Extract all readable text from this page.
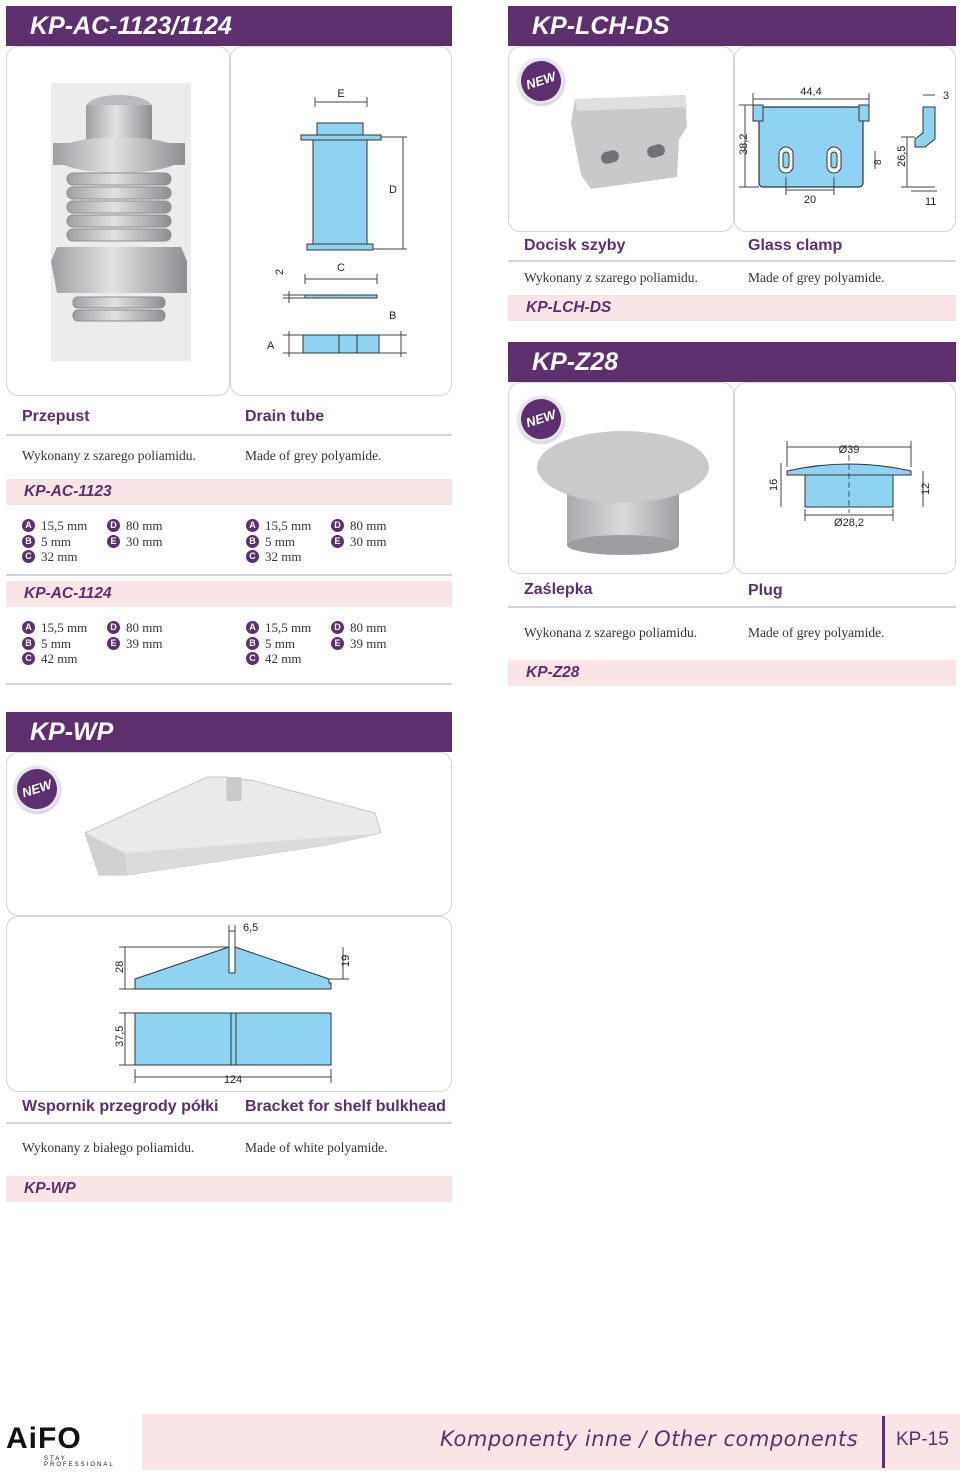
KP-AC-1123/1124
E
D
C
2
B
A
Przepust	Drain tube
Wykonany z szarego poliamidu.	Made of grey polyamide.
KP-AC-1123
A 15,5 mm	D 80 mm
B 5 mm	E 30 mm
C 32 mm
A 15,5 mm	D 80 mm
B 5 mm	E 30 mm
C 32 mm
KP-AC-1124
A 15,5 mm	D 80 mm
B 5 mm	E 39 mm
C 42 mm
A 15,5 mm	D 80 mm
B 5 mm	E 39 mm
C 42 mm
KP-LCH-DS
NEW	44,4
38,2
20
8 26,5
3
11
Docisk szyby	Glass clamp
Wykonany z szarego poliamidu.	Made of grey polyamide.
KP-LCH-DS
KP-Z28
NEW
Ø39
Ø28,2
16	12
Zaślepka	Plug
Wykonana z szarego poliamidu.	Made of grey polyamide.
KP-Z28
KP-WP
NEW
6,5
28	19
37,5
124
Wspornik przegrody półki Bracket for shelf bulkhead
Wykonany z białego poliamidu.	Made of white polyamide.
KP-WP
AiFO
STAY PROFESSIONAL
Komponenty inne / Other components KP-15
